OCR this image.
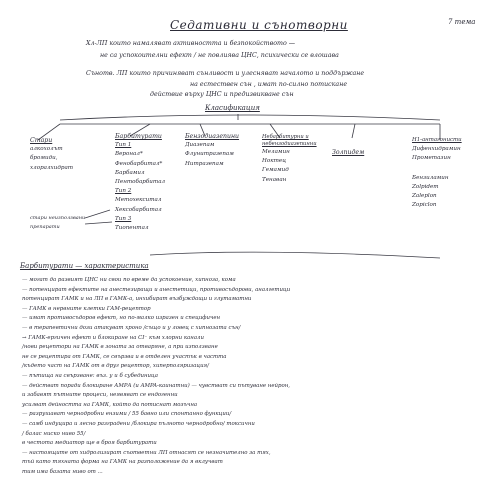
Седативни и сънотворни	7 тема
Хл-ЛП които намаляват активността и безпокойството —
не са успокоителни ефект / не повлиява ЦНС, психически се влошава
Сънотв. ЛП които причиняват сънливост и улесняват началото и поддържане
на естествен сън , имат по-силно потискане
действие върху ЦНС и предизвикване сън
Класификация
Стари
алкохолът
бромиди,
хлоралхидрат
стари неизползвани
препарати
Барбитурати
Тип 1
Веронал*
Фенобарбитал*
Барбамил
Пентобарбитал
Тип 2
Метохекситал
Хексобарбитал
Тип 3
Тиопентал
Бензодиазепини
Диазепам
Флунитразепам
Нитразепам
Небарбитурни и небензодиазепинни
Меламин
Ноктец
Гемамид
Тенаван
Золпидем
H1-антагонисти
Дифенхидрамин
Прометазин
Бензиламин
Zolpidem
Zaleplon
Zopiclon
Барбитурати — характеристика
— могат да развият ЦНС ни свои по време да успокоение, хипноза, кома
— потенцират ефектите на анестезиращи и анестетици, противосъдорови, аналгетици
потенцират ГАМК и на ЛП в ГАМК-а, инхибират възбуждащи и глутаматни
— ГАМК в нервните клетки ГАМ-рецептор
— имат противосъдоров ефект, но по-малко изразен и специфичен
— в терапевтични дози атакуват хроно /също и у ловец с хипнозата сън/
→ ГАМК-ергичен ефект и блокиране на CI⁻ към хлорни канали
/нови рецептори на ГАМК в зоната за отваряне, а при използване
не се рецептира от ГАМК, се свързва и в отделен участък в частта
/където част на ГАМК от в друг рецептор, хиперполяризация/
— пътища на свързване: въз. у и б субединица
— действат поради блокиране АМРА (и AMPA-каинатни) — чувстват си пътуване нейрон,
и забавят пътните процеси, неявяват се ендогенни
усилват дейността на ГАМК, който да потиснат мозъчна
— разрушават чернодробни ензими / 55 бавно или спонтанно функции/
— самб индуцира и лесно разградени /блокира пълното чернодробно/ токсични
/ балас ниско ниво 55/
в честота медиатор ще в броя барбитурати
— настоящите от хидролизират съответни ЛП отнасят се незначително за тях,
тъй като тяхната форма на ГАМК на разположение да я вклучват
тим има базата ниво от ...
